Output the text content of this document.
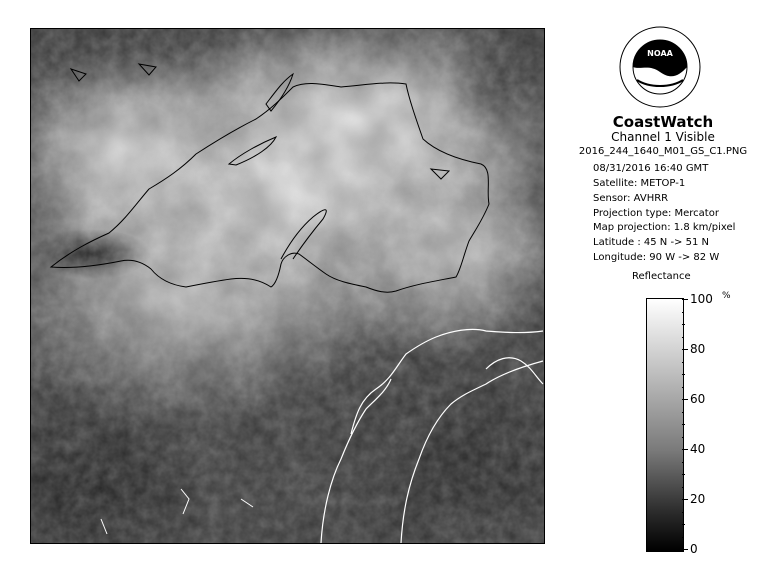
NOAA
CoastWatch
Channel 1 Visible
2016_244_1640_M01_GS_C1.PNG
08/31/2016 16:40 GMT
Satellite: METOP-1
Sensor: AVHRR
Projection type: Mercator
Map projection: 1.8 km/pixel
Latitude : 45 N -> 51 N
Longitude: 90 W -> 82 W
Reflectance
%
0
20
40
60
80
100
